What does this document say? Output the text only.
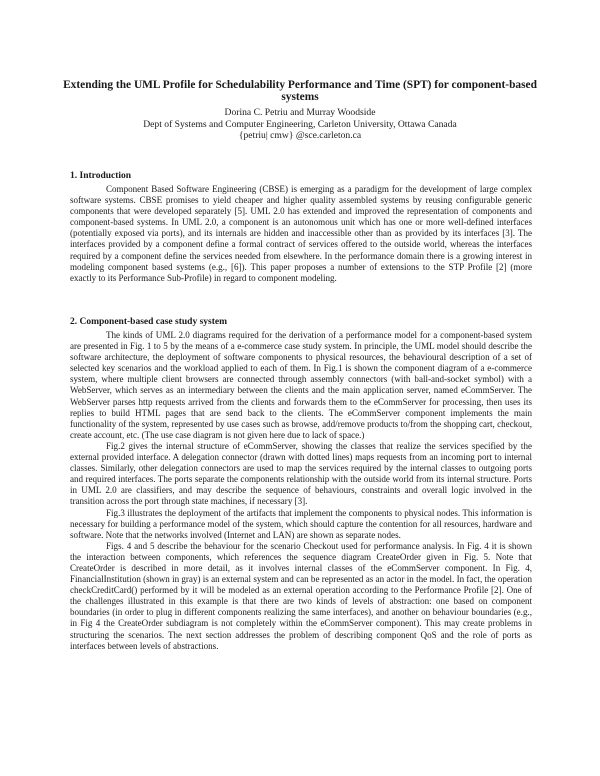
Extending the UML Profile for Schedulability Performance and Time (SPT) for component-based systems
Dorina C. Petriu and Murray Woodside
Dept of Systems and Computer Engineering, Carleton University, Ottawa Canada
{petriu| cmw} @sce.carleton.ca
1. Introduction

Component Based Software Engineering (CBSE) is emerging as a paradigm for the development of large complex software systems. CBSE promises to yield cheaper and higher quality assembled systems by reusing configurable generic components that were developed separately [5]. UML 2.0 has extended and improved the representation of components and component-based systems. In UML 2.0, a component is an autonomous unit which has one or more well-defined interfaces (potentially exposed via ports), and its internals are hidden and inaccessible other than as provided by its interfaces [3]. The interfaces provided by a component define a formal contract of services offered to the outside world, whereas the interfaces required by a component define the services needed from elsewhere. In the performance domain there is a growing interest in modeling component based systems (e.g., [6]). This paper proposes a number of extensions to the STP Profile [2] (more exactly to its Performance Sub-Profile) in regard to component modeling.

2. Component-based case study system

The kinds of UML 2.0 diagrams required for the derivation of a performance model for a component-based system are presented in Fig. 1 to 5 by the means of a e-commerce case study system. In principle, the UML model should describe the software architecture, the deployment of software components to physical resources, the behavioural description of a set of selected key scenarios and the workload applied to each of them. In Fig.1 is shown the component diagram of a e-commerce system, where multiple client browsers are connected through assembly connectors (with ball-and-socket symbol) with a WebServer, which serves as an intermediary between the clients and the main application server, named eCommServer. The WebServer parses http requests arrived from the clients and forwards them to the eCommServer for processing, then uses its replies to build HTML pages that are send back to the clients. The eCommServer component implements the main functionality of the system, represented by use cases such as browse, add/remove products to/from the shopping cart, checkout, create account, etc. (The use case diagram is not given here due to lack of space.)

Fig.2 gives the internal structure of eCommServer, showing the classes that realize the services specified by the external provided interface. A delegation connector (drawn with dotted lines) maps requests from an incoming port to internal classes. Similarly, other delegation connectors are used to map the services required by the internal classes to outgoing ports and required interfaces. The ports separate the components relationship with the outside world from its internal structure. Ports in UML 2.0 are classifiers, and may describe the sequence of behaviours, constraints and overall logic involved in the transition across the port through state machines, if necessary [3].

Fig.3 illustrates the deployment of the artifacts that implement the components to physical nodes. This information is necessary for building a performance model of the system, which should capture the contention for all resources, hardware and software. Note that the networks involved (Internet and LAN) are shown as separate nodes.

Figs. 4 and 5 describe the behaviour for the scenario Checkout used for performance analysis. In Fig. 4 it is shown the interaction between components, which references the sequence diagram CreateOrder given in Fig. 5. Note that CreateOrder is described in more detail, as it involves internal classes of the eCommServer component. In Fig. 4, FinancialInstitution (shown in gray) is an external system and can be represented as an actor in the model. In fact, the operation checkCreditCard() performed by it will be modeled as an external operation according to the Performance Profile [2]. One of the challenges illustrated in this example is that there are two kinds of levels of abstraction: one based on component boundaries (in order to plug in different components realizing the same interfaces), and another on behaviour boundaries (e.g., in Fig 4 the CreateOrder subdiagram is not completely within the eCommServer component). This may create problems in structuring the scenarios. The next section addresses the problem of describing component QoS and the role of ports as interfaces between levels of abstractions.
